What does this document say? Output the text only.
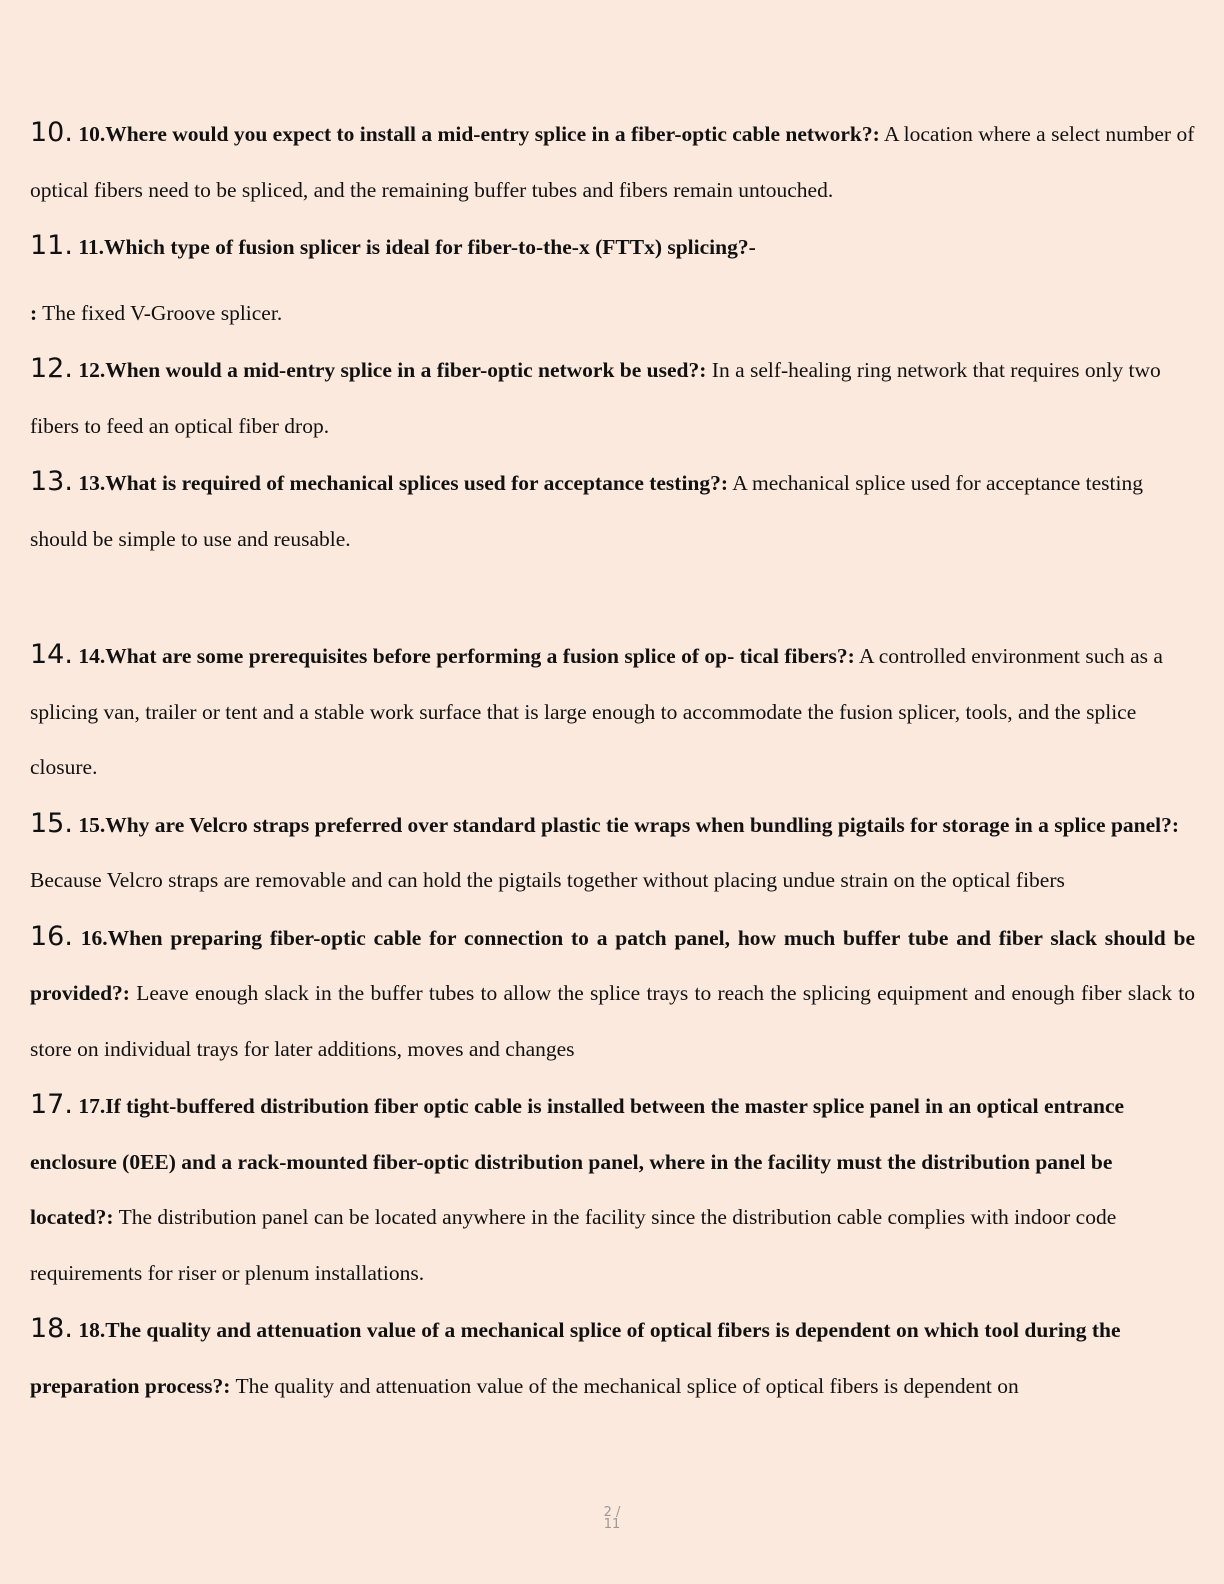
10. 10.Where would you expect to install a mid-entry splice in a fiber-optic cable network?: A location where a select number of optical fibers need to be spliced, and the remaining buffer tubes and fibers remain untouched.

11. 11.Which type of fusion splicer is ideal for fiber-to-the-x (FTTx) splicing?-

: The fixed V-Groove splicer.

12. 12.When would a mid-entry splice in a fiber-optic network be used?: In a self-healing ring network that requires only two fibers to feed an optical fiber drop.

13. 13.What is required of mechanical splices used for acceptance testing?: A mechanical splice used for acceptance testing should be simple to use and reusable.

14. 14.What are some prerequisites before performing a fusion splice of op- tical fibers?: A controlled environment such as a splicing van, trailer or tent and a stable work surface that is large enough to accommodate the fusion splicer, tools, and the splice closure.

15. 15.Why are Velcro straps preferred over standard plastic tie wraps when bundling pigtails for storage in a splice panel?: Because Velcro straps are removable and can hold the pigtails together without placing undue strain on the optical fibers

16. 16.When preparing fiber-optic cable for connection to a patch panel, how much buffer tube and fiber slack should be provided?: Leave enough slack in the buffer tubes to allow the splice trays to reach the splicing equipment and enough fiber slack to store on individual trays for later additions, moves and changes

17. 17.If tight-buffered distribution fiber optic cable is installed between the master splice panel in an optical entrance enclosure (0EE) and a rack-mounted fiber-optic distribution panel, where in the facility must the distribution panel be located?: The distribution panel can be located anywhere in the facility since the distribution cable complies with indoor code requirements for riser or plenum installations.

18. 18.The quality and attenuation value of a mechanical splice of optical fibers is dependent on which tool during the preparation process?: The quality and attenuation value of the mechanical splice of optical fibers is dependent on

2 /
11
